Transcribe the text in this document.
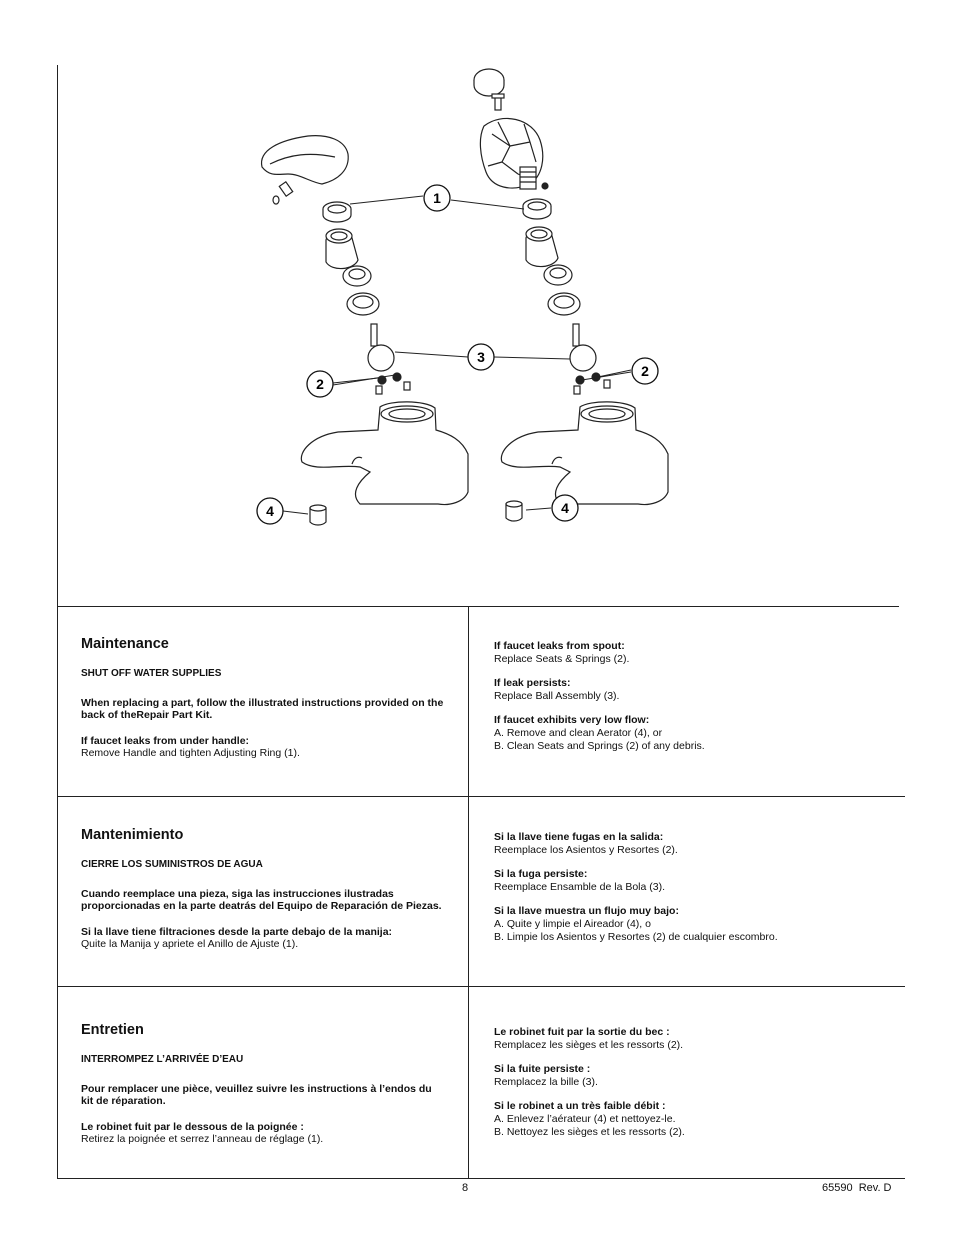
1
2
3
2
4	4
Maintenance
SHUT OFF WATER SUPPLIES
When replacing a part, follow the illustrated instructions provided on the back of theRepair Part Kit.
If faucet leaks from under handle:
Remove Handle and tighten Adjusting Ring (1).
If faucet leaks from spout:
Replace Seats & Springs (2).
If leak persists:
Replace Ball Assembly (3).
If faucet exhibits very low flow:
A. Remove and clean Aerator (4), or
B. Clean Seats and Springs (2) of any debris.
Mantenimiento
CIERRE LOS SUMINISTROS DE AGUA
Cuando reemplace una pieza, siga las instrucciones ilustradas proporcionadas en la parte deatrás del Equipo de Reparación de Piezas.
Si la llave tiene filtraciones desde la parte debajo de la manija:
Quite la Manija y apriete el Anillo de Ajuste (1).
Si la llave tiene fugas en la salida:
Reemplace los Asientos y Resortes (2).
Si la fuga persiste:
Reemplace Ensamble de la Bola (3).
Si la llave muestra un flujo muy bajo:
A. Quite y limpie el Aireador (4), o
B. Limpie los Asientos y Resortes (2) de cualquier escombro.
Entretien
INTERROMPEZ L’ARRIVÉE D’EAU
Pour remplacer une pièce, veuillez suivre les instructions à l’endos du kit de réparation.
Le robinet fuit par le dessous de la poignée :
Retirez la poignée et serrez l’anneau de réglage (1).
Le robinet fuit par la sortie du bec :
Remplacez les sièges et les ressorts (2).
Si la fuite persiste :
Remplacez la bille (3).
Si le robinet a un très faible débit :
A. Enlevez l’aérateur (4) et nettoyez-le.
B. Nettoyez les sièges et les ressorts (2).
8	65590  Rev. D
